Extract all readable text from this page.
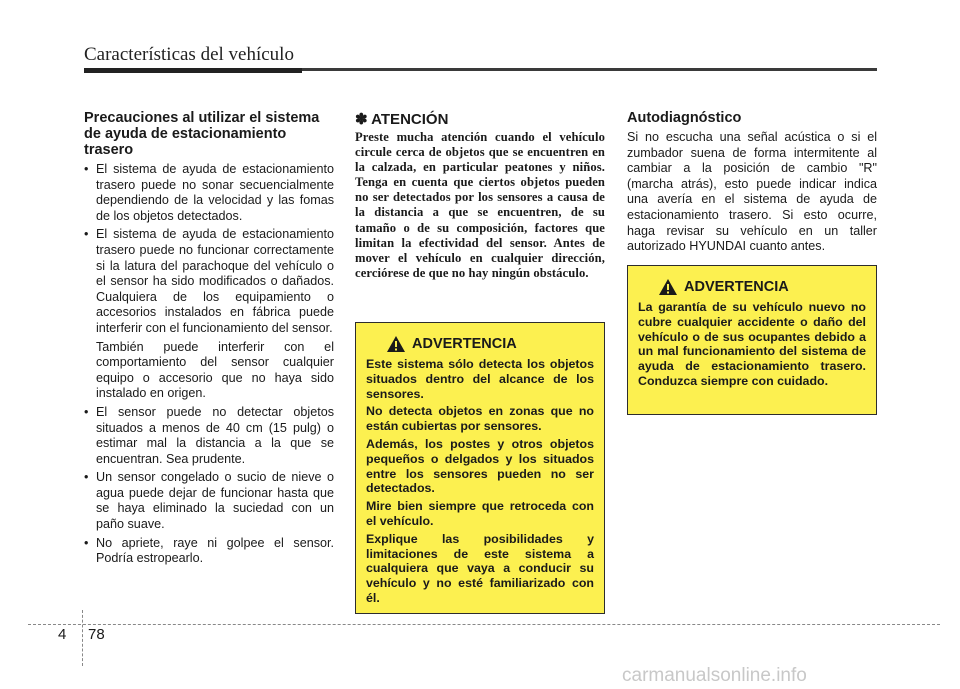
Características del vehículo
Precauciones al utilizar el sistema de ayuda de estacionamiento trasero
• El sistema de ayuda de estacionamiento trasero puede no sonar secuencialmente dependiendo de la velocidad y las fomas de los objetos detectados.
• El sistema de ayuda de estacionamiento trasero puede no funcionar correctamente si la latura del parachoque del vehículo o el sensor ha sido modificados o dañados. Cualquiera de los equipamiento o accesorios instalados en fábrica puede interferir con el funcionamiento del sensor.
También puede interferir con el comportamiento del sensor cualquier equipo o accesorio que no haya sido instalado en origen.
• El sensor puede no detectar objetos situados a menos de 40 cm (15 pulg) o estimar mal la distancia a la que se encuentran. Sea prudente.
• Un sensor congelado o sucio de nieve o agua puede dejar de funcionar hasta que se haya eliminado la suciedad con un paño suave.
• No apriete, raye ni golpee el sensor. Podría estropearlo.
✽ ATENCIÓN

Preste mucha atención cuando el vehículo circule cerca de objetos que se encuentren en la calzada, en particular peatones y niños. Tenga en cuenta que ciertos objetos pueden no ser detectados por los sensores a causa de la distancia a que se encuentren, de su tamaño o de su composición, factores que limitan la efectividad del sensor. Antes de mover el vehículo en cualquier dirección, cerciórese de que no hay ningún obstáculo.

ADVERTENCIA

Este sistema sólo detecta los objetos situados dentro del alcance de los sensores.

No detecta objetos en zonas que no están cubiertas por sensores.

Además, los postes y otros objetos pequeños o delgados y los situados entre los sensores pueden no ser detectados.

Mire bien siempre que retroceda con el vehículo.

Explique las posibilidades y limitaciones de este sistema a cualquiera que vaya a conducir su vehículo y no esté familiarizado con él.

Autodiagnóstico

Si no escucha una señal acústica o si el zumbador suena de forma intermitente al cambiar a la posición de cambio "R" (marcha atrás), esto puede indicar indica una avería en el sistema de ayuda de estacionamiento trasero. Si esto ocurre, haga revisar su vehículo en un taller autorizado HYUNDAI cuanto antes.

ADVERTENCIA

La garantía de su vehículo nuevo no cubre cualquier accidente o daño del vehículo o de sus ocupantes debido a un mal funcionamiento del sistema de ayuda de estacionamiento trasero. Conduzca siempre con cuidado.

4 78
carmanualsonline.info
